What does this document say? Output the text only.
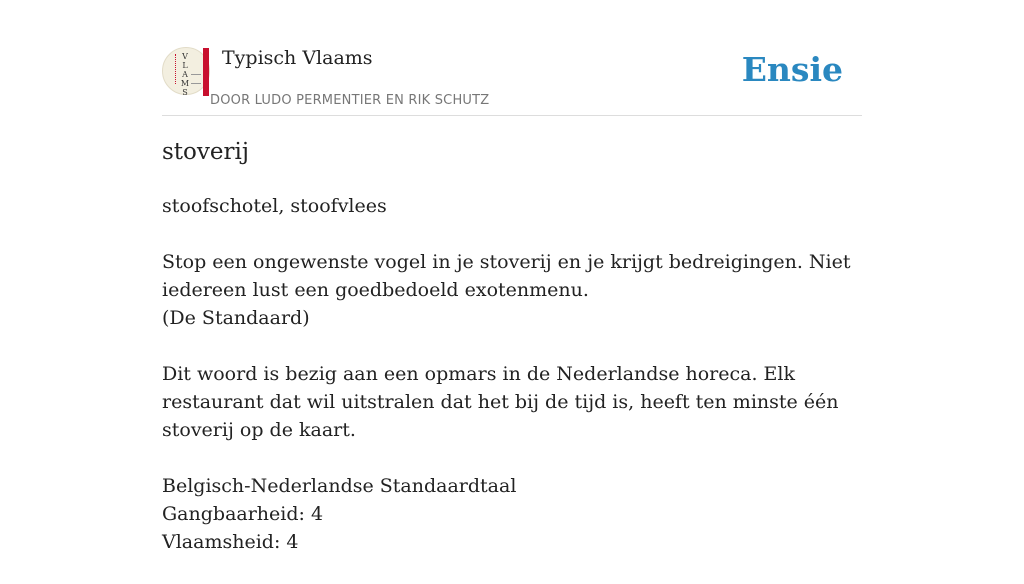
V
L
A
M
S
Typisch Vlaams
DOOR LUDO PERMENTIER EN RIK SCHUTZ
Ensie
stoverij

stoofschotel, stoofvlees

Stop een ongewenste vogel in je stoverij en je krijgt bedreigingen. Niet iedereen lust een goedbedoeld exotenmenu.
(De Standaard)

Dit woord is bezig aan een opmars in de Nederlandse horeca. Elk restaurant dat wil uitstralen dat het bij de tijd is, heeft ten minste één stoverij op de kaart.

Belgisch-Nederlandse Standaardtaal
Gangbaarheid: 4
Vlaamsheid: 4
